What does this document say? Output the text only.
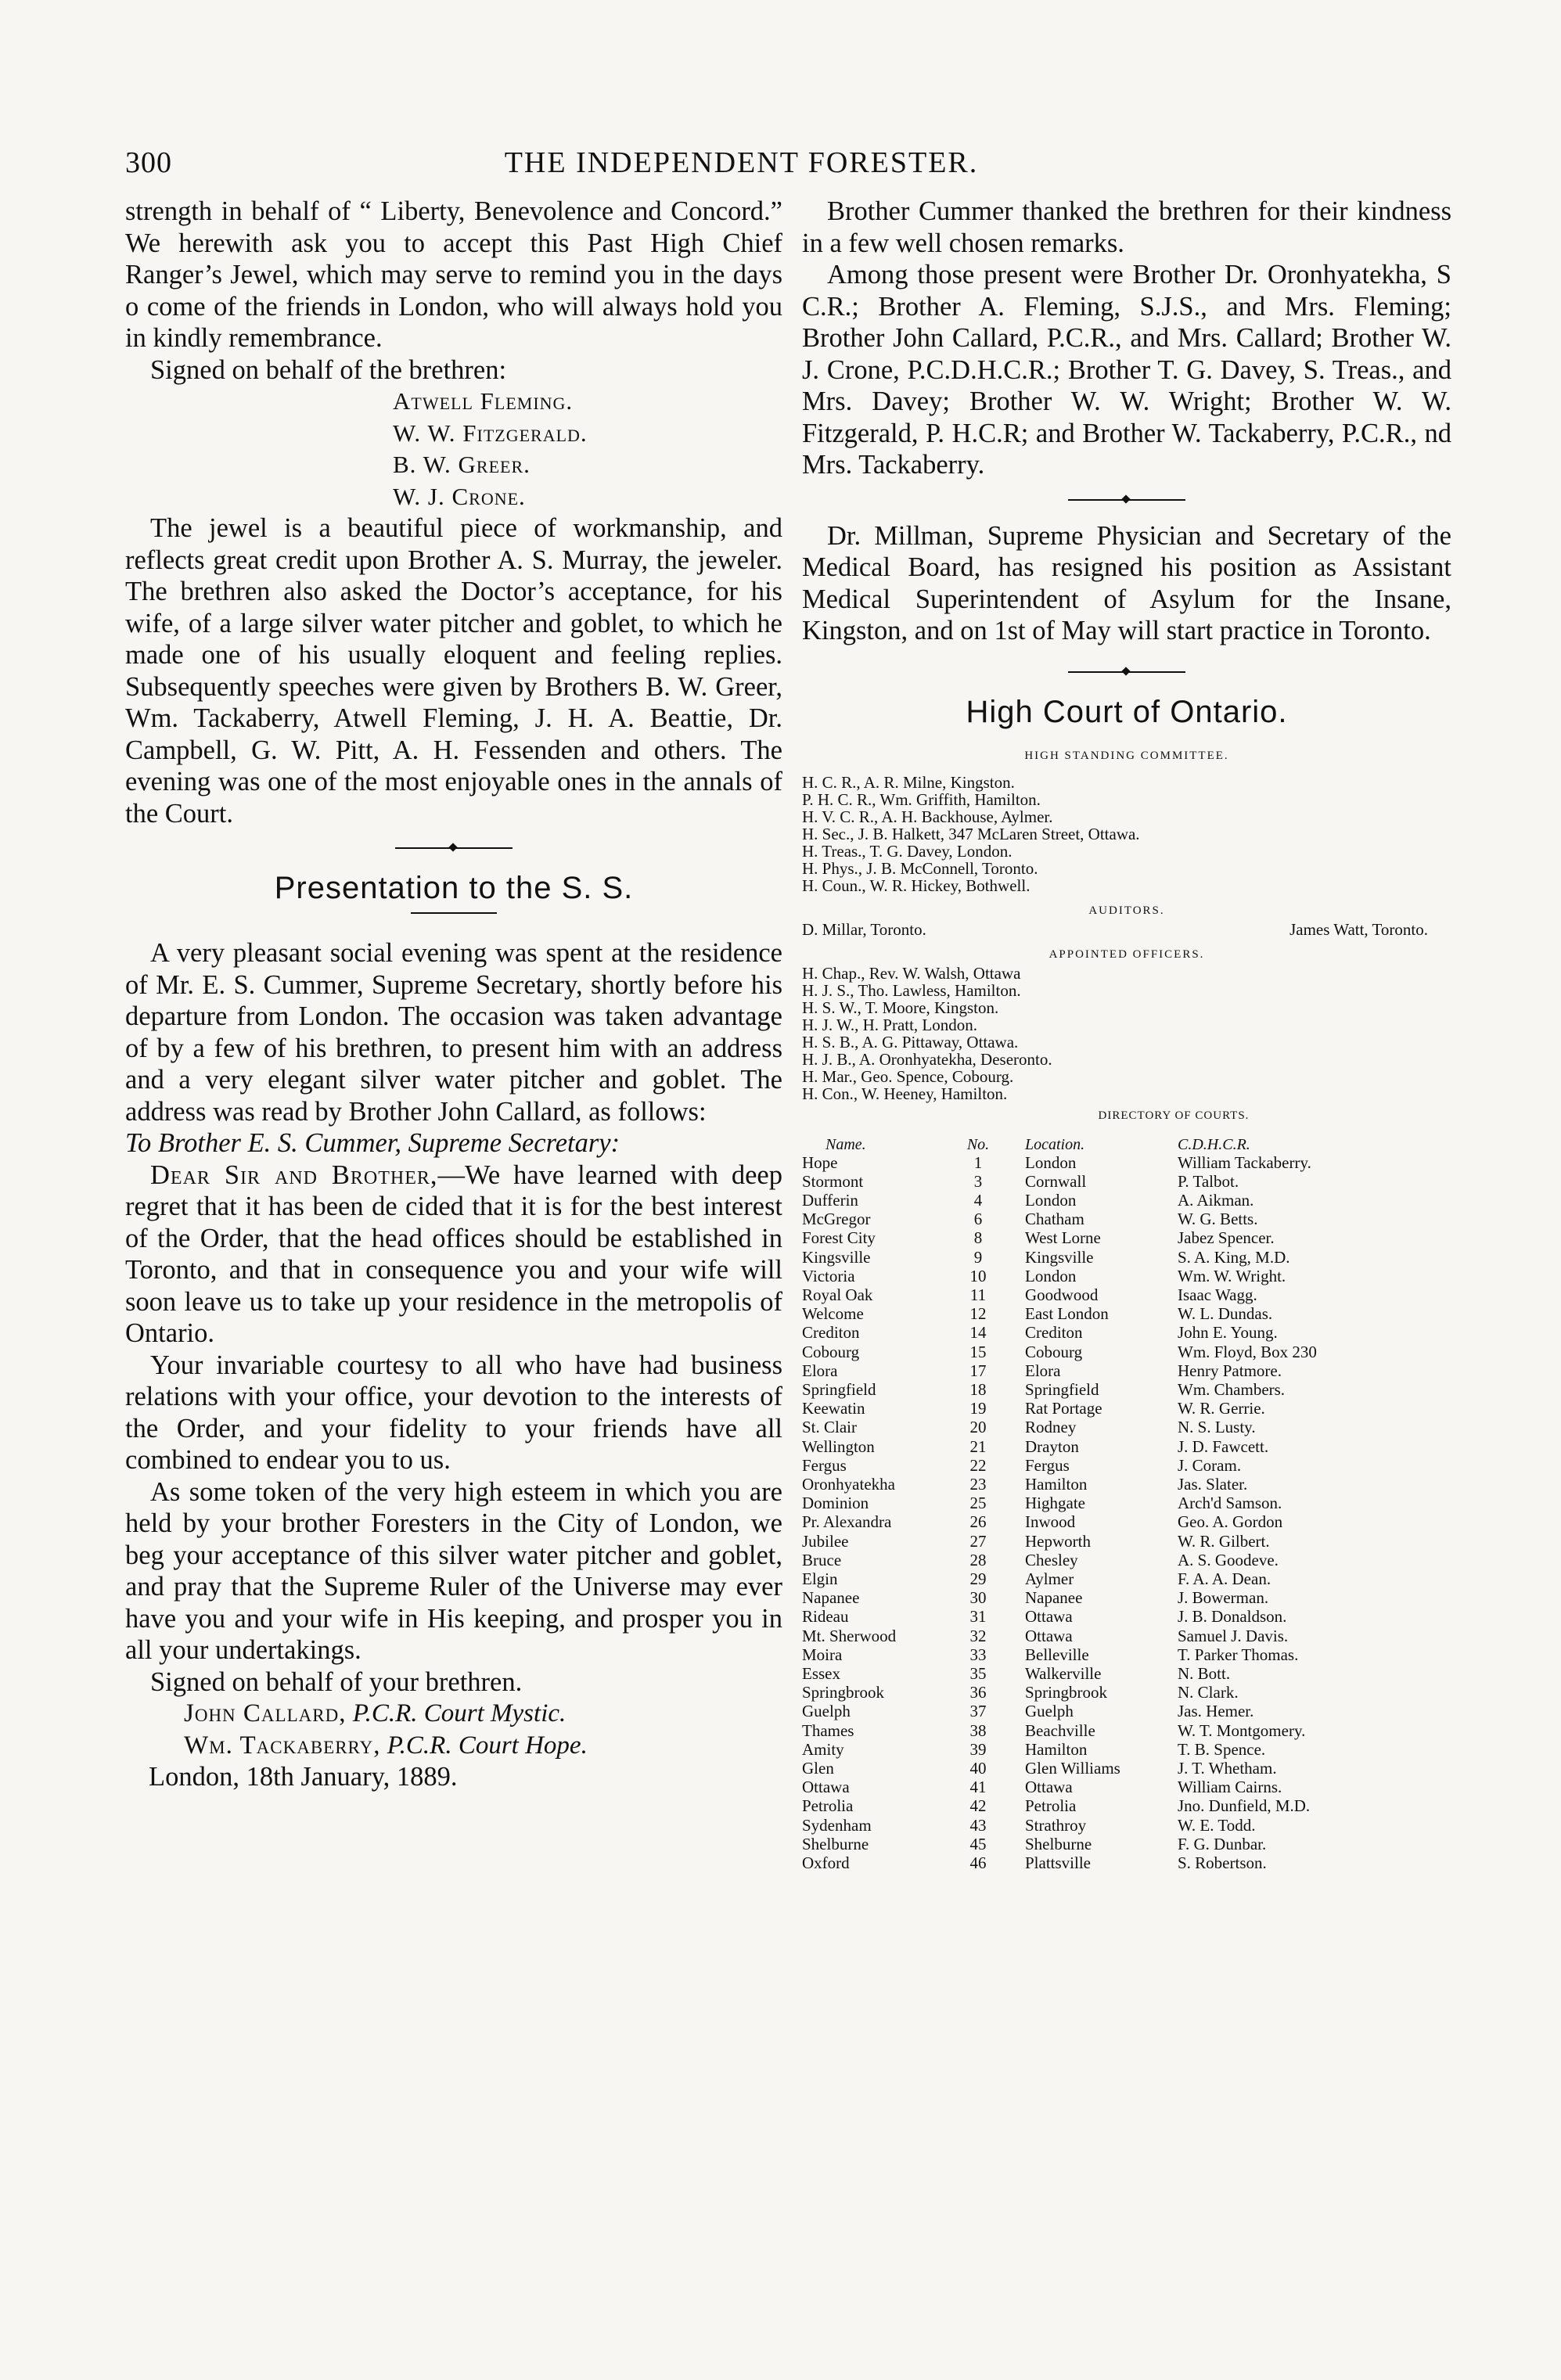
300	THE INDEPENDENT FORESTER.

strength in behalf of “ Liberty, Benevolence and Concord.” We herewith ask you to accept this Past High Chief Ranger’s Jewel, which may serve to remind you in the days o come of the friends in London, who will always hold you in kindly remembrance.

Signed on behalf of the brethren:

Atwell Fleming.
W. W. Fitzgerald.
B. W. Greer.
W. J. Crone.

The jewel is a beautiful piece of workmanship, and reflects great credit upon Brother A. S. Murray, the jeweler. The brethren also asked the Doctor’s acceptance, for his wife, of a large silver water pitcher and goblet, to which he made one of his usually eloquent and feeling replies. Subsequently speeches were given by Brothers B. W. Greer, Wm. Tackaberry, Atwell Fleming, J. H. A. Beattie, Dr. Campbell, G. W. Pitt, A. H. Fessenden and others. The evening was one of the most enjoyable ones in the annals of the Court.

Presentation to the S. S.

A very pleasant social evening was spent at the residence of Mr. E. S. Cummer, Supreme Secretary, shortly before his departure from London. The occasion was taken advantage of by a few of his brethren, to present him with an address and a very elegant silver water pitcher and goblet. The address was read by Brother John Callard, as follows:

To Brother E. S. Cummer, Supreme Secretary:

Dear Sir and Brother,—We have learned with deep regret that it has been de cided that it is for the best interest of the Order, that the head offices should be established in Toronto, and that in consequence you and your wife will soon leave us to take up your residence in the metropolis of Ontario.

Your invariable courtesy to all who have had business relations with your office, your devotion to the interests of the Order, and your fidelity to your friends have all combined to endear you to us.

As some token of the very high esteem in which you are held by your brother Foresters in the City of London, we beg your acceptance of this silver water pitcher and goblet, and pray that the Supreme Ruler of the Universe may ever have you and your wife in His keeping, and prosper you in all your undertakings.

Signed on behalf of your brethren.

John Callard, P.C.R. Court Mystic.

Wm. Tackaberry, P.C.R. Court Hope.

London, 18th January, 1889.

Brother Cummer thanked the brethren for their kindness in a few well chosen remarks.

Among those present were Brother Dr. Oronhyatekha, S C.R.; Brother A. Fleming, S.J.S., and Mrs. Fleming; Brother John Callard, P.C.R., and Mrs. Callard; Brother W. J. Crone, P.C.D.H.C.R.; Brother T. G. Davey, S. Treas., and Mrs. Davey; Brother W. W. Wright; Brother W. W. Fitzgerald, P. H.C.R; and Brother W. Tackaberry, P.C.R., nd Mrs. Tackaberry.

Dr. Millman, Supreme Physician and Secretary of the Medical Board, has resigned his position as Assistant Medical Superintendent of Asylum for the Insane, Kingston, and on 1st of May will start practice in Toronto.

High Court of Ontario.

HIGH STANDING COMMITTEE.

H. C. R., A. R. Milne, Kingston.

P. H. C. R., Wm. Griffith, Hamilton.

H. V. C. R., A. H. Backhouse, Aylmer.

H. Sec., J. B. Halkett, 347 McLaren Street, Ottawa.

H. Treas., T. G. Davey, London.

H. Phys., J. B. McConnell, Toronto.

H. Coun., W. R. Hickey, Bothwell.

AUDITORS.

D. Millar, Toronto.	James Watt, Toronto.

APPOINTED OFFICERS.

H. Chap., Rev. W. Walsh, Ottawa

H. J. S., Tho. Lawless, Hamilton.

H. S. W., T. Moore, Kingston.

H. J. W., H. Pratt, London.

H. S. B., A. G. Pittaway, Ottawa.

H. J. B., A. Oronhyatekha, Deseronto.

H. Mar., Geo. Spence, Cobourg.

H. Con., W. Heeney, Hamilton.

DIRECTORY OF COURTS.

Name.	No.	Location.	C.D.H.C.R.
Hope	1	London	William Tackaberry.
Stormont	3	Cornwall	P. Talbot.
Dufferin	4	London	A. Aikman.
McGregor	6	Chatham	W. G. Betts.
Forest City	8	West Lorne	Jabez Spencer.
Kingsville	9	Kingsville	S. A. King, M.D.
Victoria	10	London	Wm. W. Wright.
Royal Oak	11	Goodwood	Isaac Wagg.
Welcome	12	East London	W. L. Dundas.
Crediton	14	Crediton	John E. Young.
Cobourg	15	Cobourg	Wm. Floyd, Box 230
Elora	17	Elora	Henry Patmore.
Springfield	18	Springfield	Wm. Chambers.
Keewatin	19	Rat Portage	W. R. Gerrie.
St. Clair	20	Rodney	N. S. Lusty.
Wellington	21	Drayton	J. D. Fawcett.
Fergus	22	Fergus	J. Coram.
Oronhyatekha	23	Hamilton	Jas. Slater.
Dominion	25	Highgate	Arch'd Samson.
Pr. Alexandra	26	Inwood	Geo. A. Gordon
Jubilee	27	Hepworth	W. R. Gilbert.
Bruce	28	Chesley	A. S. Goodeve.
Elgin	29	Aylmer	F. A. A. Dean.
Napanee	30	Napanee	J. Bowerman.
Rideau	31	Ottawa	J. B. Donaldson.
Mt. Sherwood	32	Ottawa	Samuel J. Davis.
Moira	33	Belleville	T. Parker Thomas.
Essex	35	Walkerville	N. Bott.
Springbrook	36	Springbrook	N. Clark.
Guelph	37	Guelph	Jas. Hemer.
Thames	38	Beachville	W. T. Montgomery.
Amity	39	Hamilton	T. B. Spence.
Glen	40	Glen Williams	J. T. Whetham.
Ottawa	41	Ottawa	William Cairns.
Petrolia	42	Petrolia	Jno. Dunfield, M.D.
Sydenham	43	Strathroy	W. E. Todd.
Shelburne	45	Shelburne	F. G. Dunbar.
Oxford	46	Plattsville	S. Robertson.
